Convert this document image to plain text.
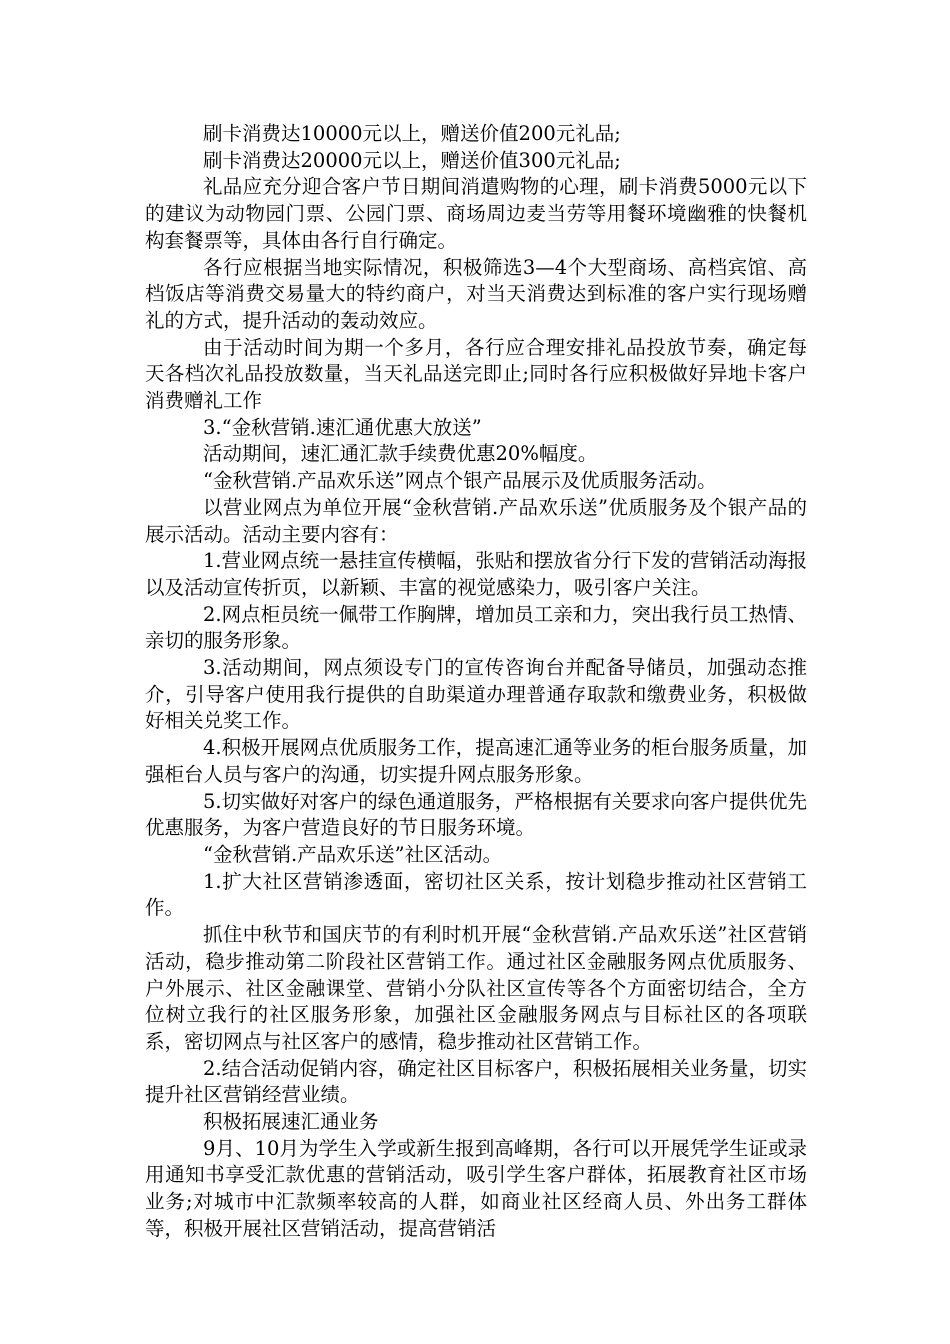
刷卡消费达10000元以上，赠送价值200元礼品;

刷卡消费达20000元以上，赠送价值300元礼品;

礼品应充分迎合客户节日期间消遣购物的心理，刷卡消费5000元以下的建议为动物园门票、公园门票、商场周边麦当劳等用餐环境幽雅的快餐机构套餐票等，具体由各行自行确定。

各行应根据当地实际情况，积极筛选3—4个大型商场、高档宾馆、高档饭店等消费交易量大的特约商户，对当天消费达到标准的客户实行现场赠礼的方式，提升活动的轰动效应。

由于活动时间为期一个多月，各行应合理安排礼品投放节奏，确定每天各档次礼品投放数量，当天礼品送完即止;同时各行应积极做好异地卡客户消费赠礼工作

3.“金秋营销.速汇通优惠大放送”

活动期间，速汇通汇款手续费优惠20%幅度。

“金秋营销.产品欢乐送”网点个银产品展示及优质服务活动。

以营业网点为单位开展“金秋营销.产品欢乐送”优质服务及个银产品的展示活动。活动主要内容有：

1.营业网点统一悬挂宣传横幅，张贴和摆放省分行下发的营销活动海报以及活动宣传折页，以新颖、丰富的视觉感染力，吸引客户关注。

2.网点柜员统一佩带工作胸牌，增加员工亲和力，突出我行员工热情、亲切的服务形象。

3.活动期间，网点须设专门的宣传咨询台并配备导储员，加强动态推介，引导客户使用我行提供的自助渠道办理普通存取款和缴费业务，积极做好相关兑奖工作。

4.积极开展网点优质服务工作，提高速汇通等业务的柜台服务质量，加强柜台人员与客户的沟通，切实提升网点服务形象。

5.切实做好对客户的绿色通道服务，严格根据有关要求向客户提供优先优惠服务，为客户营造良好的节日服务环境。

“金秋营销.产品欢乐送”社区活动。

1.扩大社区营销渗透面，密切社区关系，按计划稳步推动社区营销工作。

抓住中秋节和国庆节的有利时机开展“金秋营销.产品欢乐送”社区营销活动，稳步推动第二阶段社区营销工作。通过社区金融服务网点优质服务、户外展示、社区金融课堂、营销小分队社区宣传等各个方面密切结合，全方位树立我行的社区服务形象，加强社区金融服务网点与目标社区的各项联系，密切网点与社区客户的感情，稳步推动社区营销工作。

2.结合活动促销内容，确定社区目标客户，积极拓展相关业务量，切实提升社区营销经营业绩。

积极拓展速汇通业务

9月、10月为学生入学或新生报到高峰期，各行可以开展凭学生证或录用通知书享受汇款优惠的营销活动，吸引学生客户群体，拓展教育社区市场业务;对城市中汇款频率较高的人群，如商业社区经商人员、外出务工群体等，积极开展社区营销活动，提高营销活
